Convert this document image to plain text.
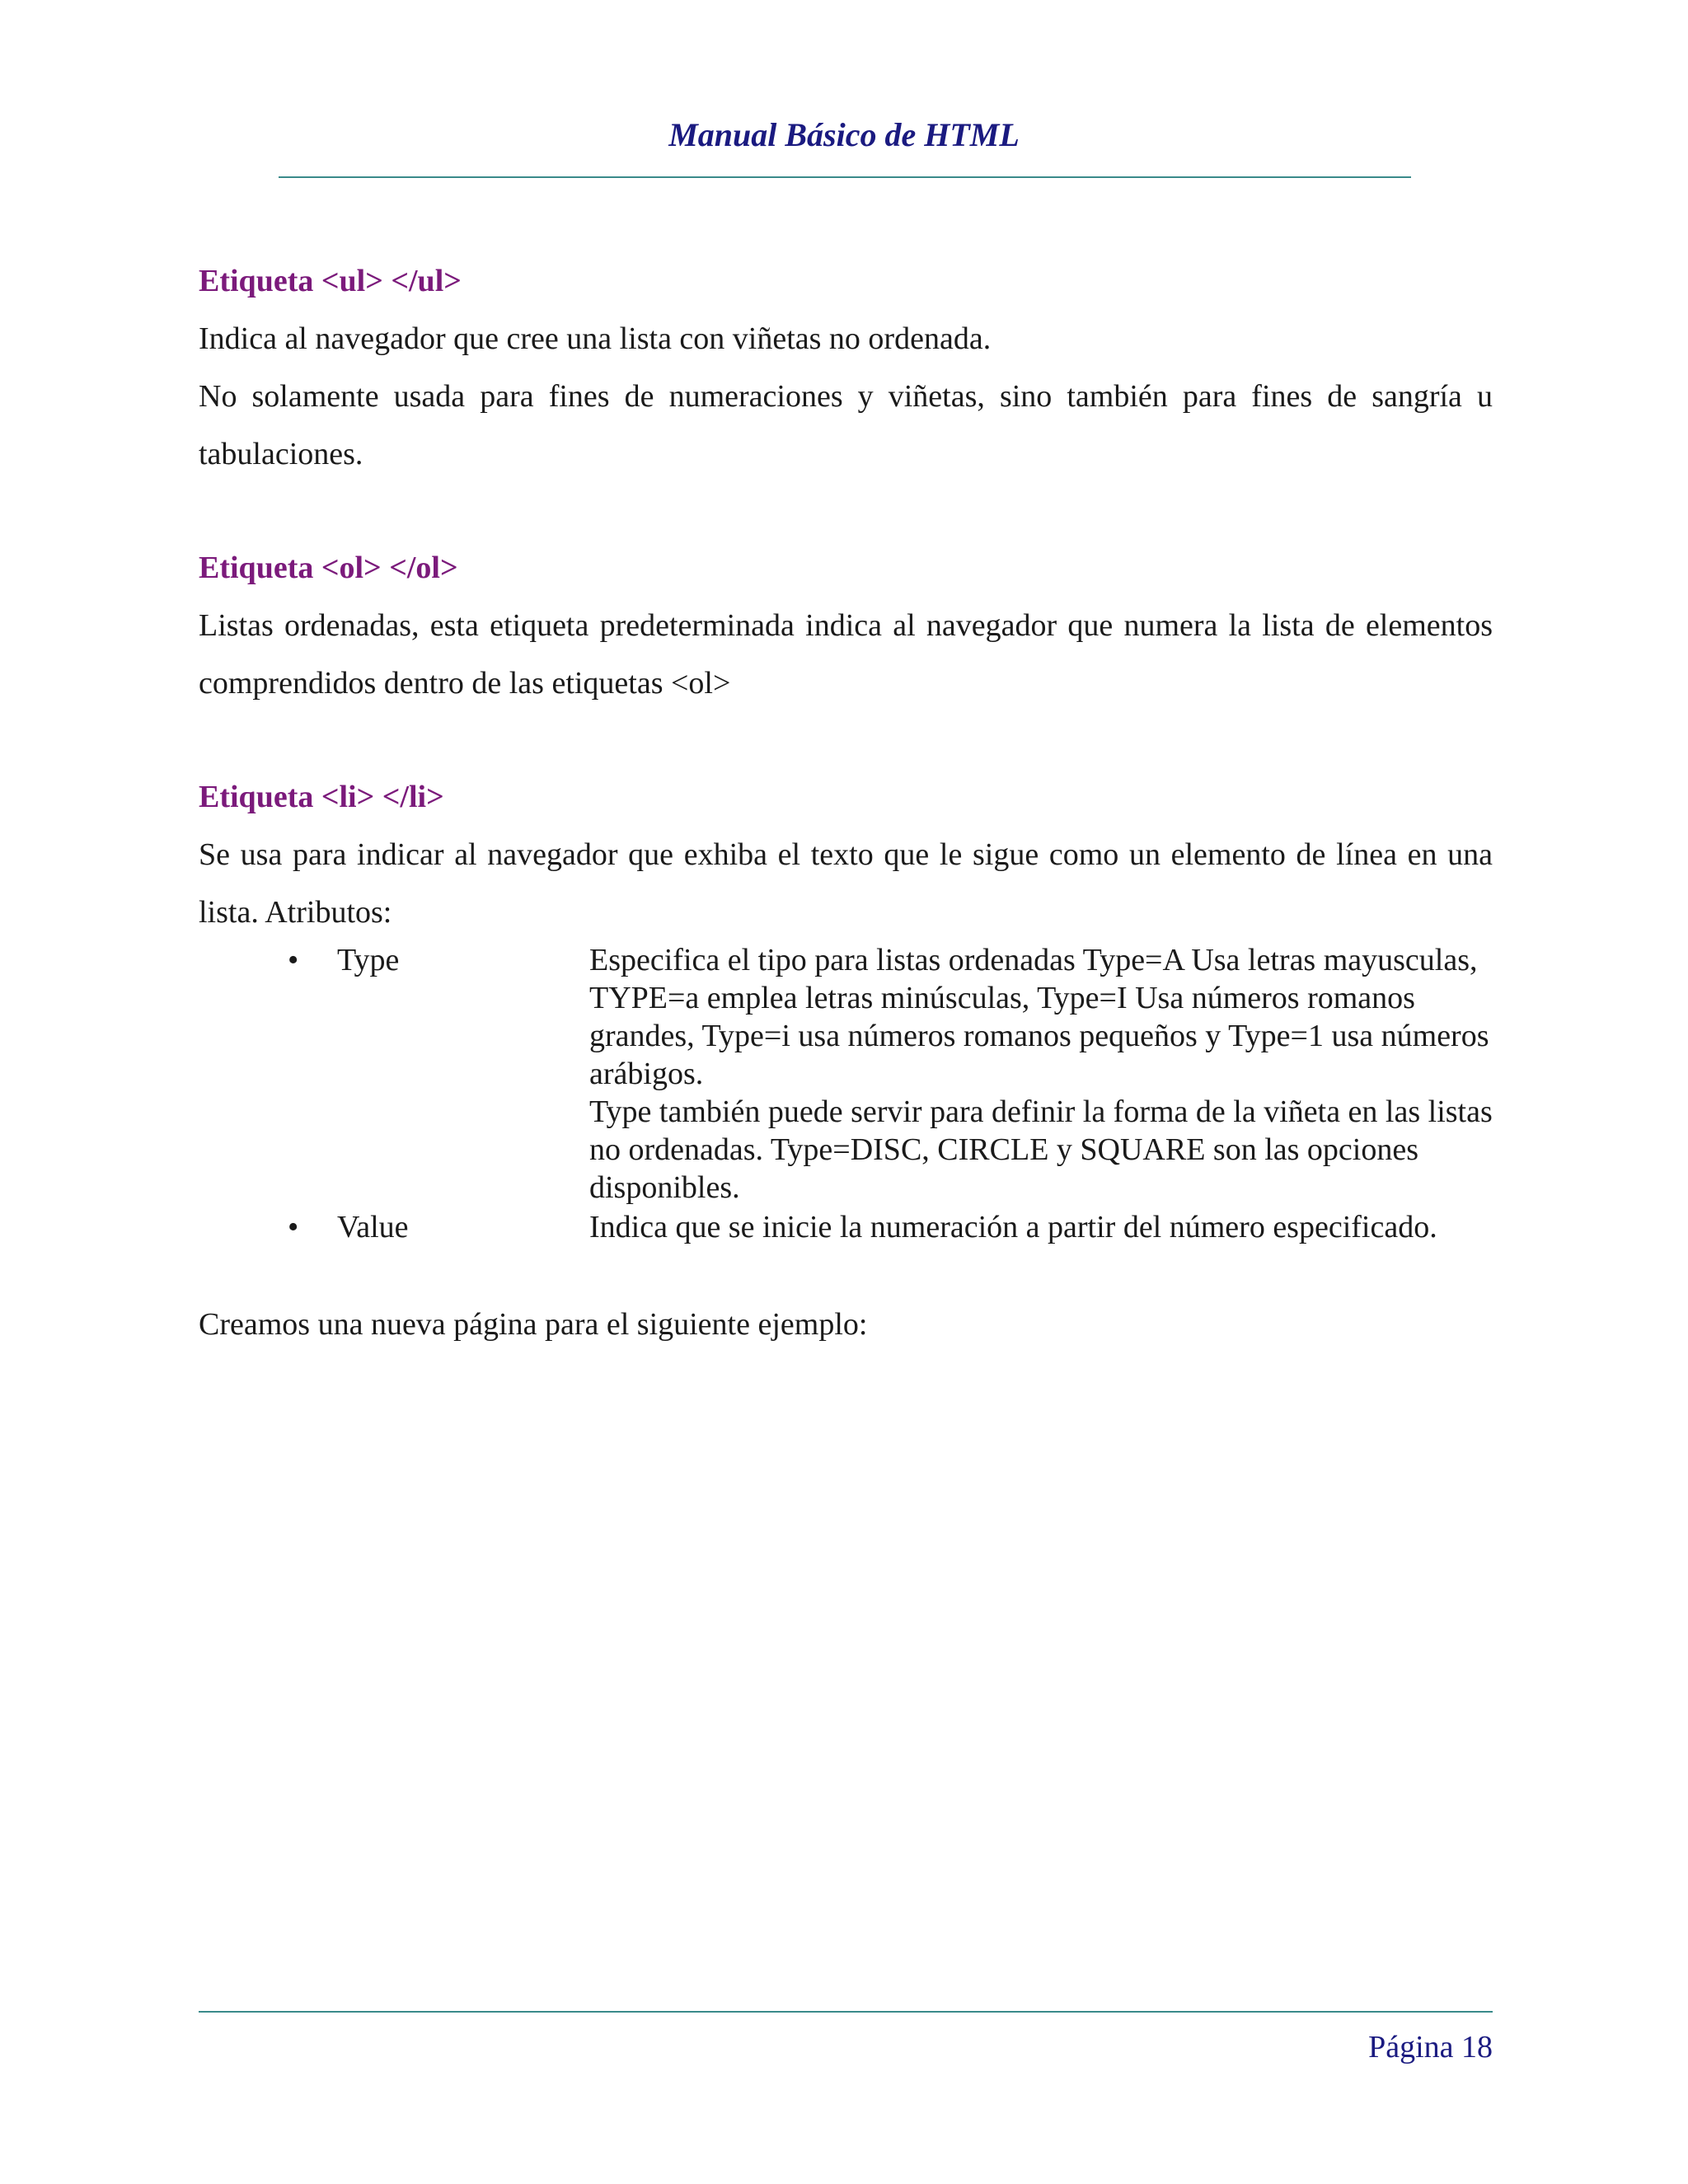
Manual Básico de HTML

Etiqueta <ul> </ul>

Indica al navegador que cree una lista con viñetas no ordenada.

No solamente usada para fines de numeraciones y viñetas, sino también para fines de sangría u tabulaciones.

Etiqueta <ol> </ol>

Listas ordenadas, esta etiqueta predeterminada indica al navegador que numera la lista de elementos comprendidos dentro de las etiquetas <ol>

Etiqueta <li> </li>

Se usa para indicar al navegador que exhiba el texto que le sigue como un elemento de línea en una lista. Atributos:

•	Type	Especifica el tipo para listas ordenadas Type=A Usa letras mayusculas, TYPE=a emplea letras minúsculas, Type=I Usa números romanos grandes, Type=i usa números romanos pequeños y Type=1 usa números arábigos.

Type también puede servir para definir la forma de la viñeta en las listas no ordenadas. Type=DISC, CIRCLE y SQUARE son las opciones disponibles.

•	Value	Indica que se inicie la numeración a partir del número especificado.

Creamos una nueva página para el siguiente ejemplo:

Página 18
